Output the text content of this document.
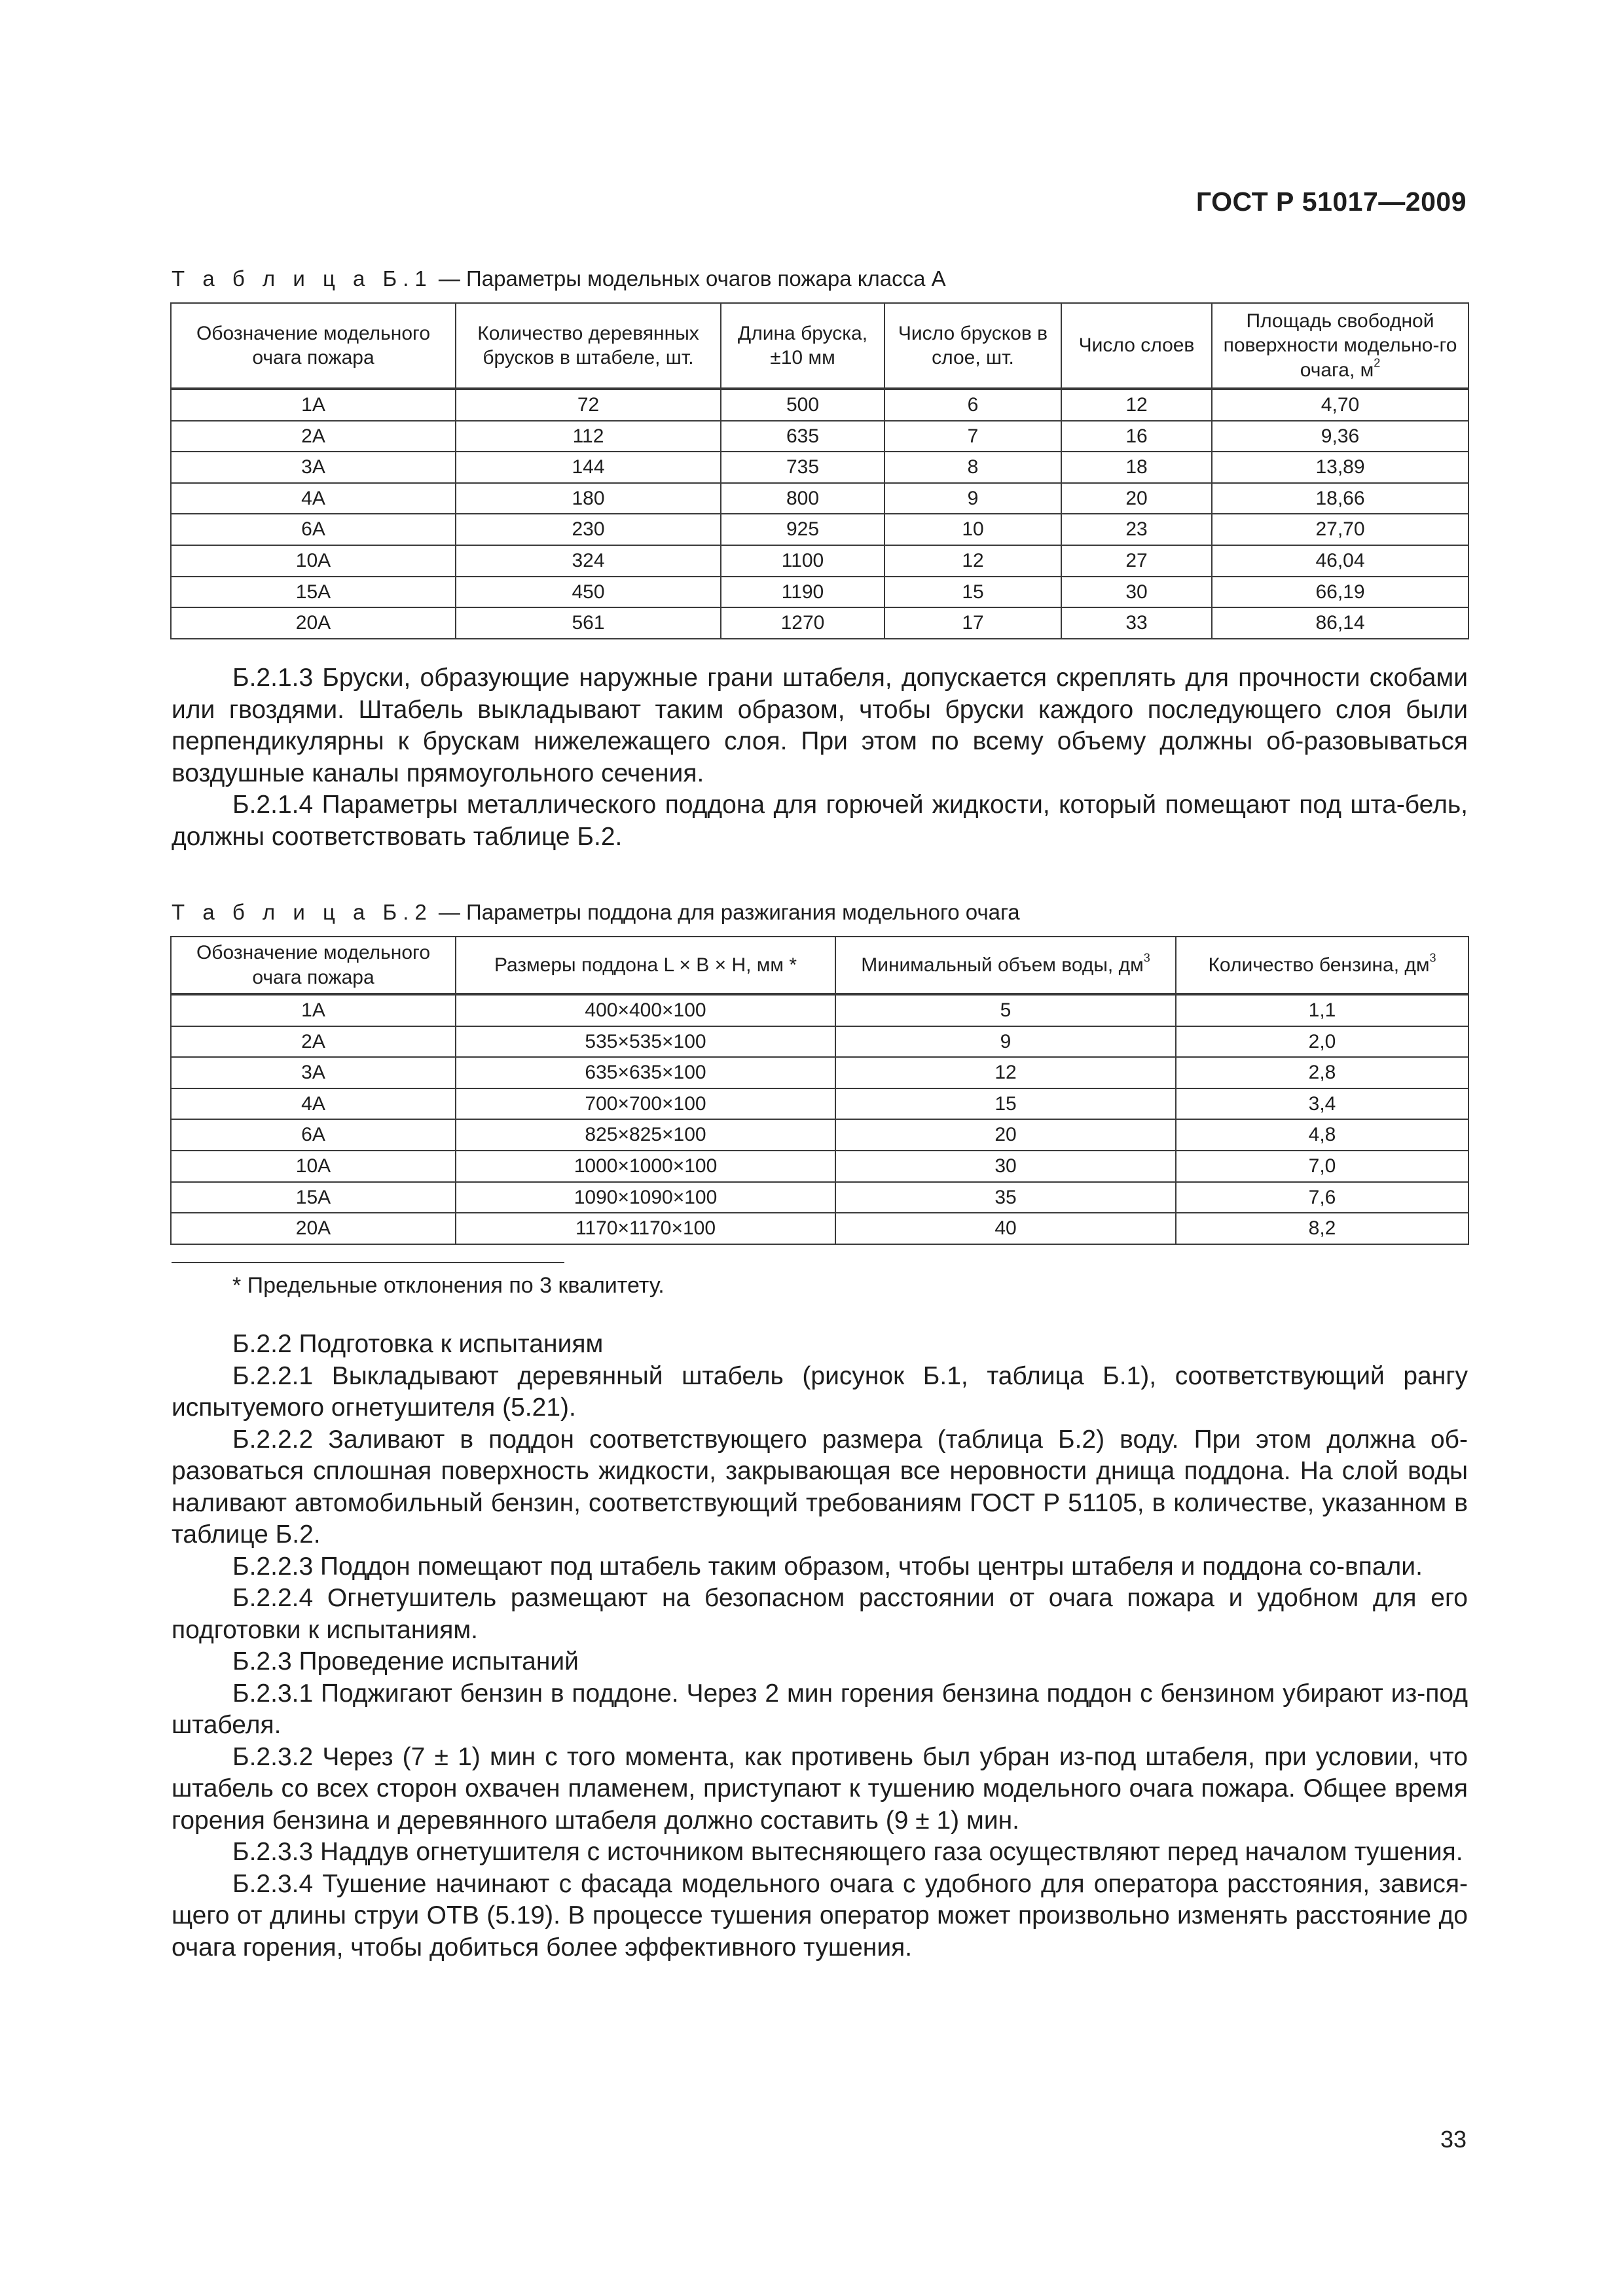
ГОСТ Р 51017—2009
Т а б л и ц а Б.1 — Параметры модельных очагов пожара класса А
Обозначение модельного очага пожара	Количество деревянных брусков в штабеле, шт.	Длина бруска, ±10 мм	Число брусков в слое, шт.	Число слоев	Площадь свободной поверхности модельно-го очага, $м^2$
1А	72	500	6	12	4,70
2А	112	635	7	16	9,36
3А	144	735	8	18	13,89
4А	180	800	9	20	18,66
6А	230	925	10	23	27,70
10А	324	1100	12	27	46,04
15А	450	1190	15	30	66,19
20А	561	1270	17	33	86,14

Б.2.1.3 Бруски, образующие наружные грани штабеля, допускается скреплять для прочности скобами или гвоздями. Штабель выкладывают таким образом, чтобы бруски каждого последующего слоя были перпендикулярны к брускам нижележащего слоя. При этом по всему объему должны об-разовываться воздушные каналы прямоугольного сечения.

Б.2.1.4 Параметры металлического поддона для горючей жидкости, который помещают под шта-бель, должны соответствовать таблице Б.2.

Т а б л и ц а Б.2 — Параметры поддона для разжигания модельного очага
Обозначение модельного очага пожара	Размеры поддона L × B × H, мм *	Минимальный объем воды, $дм^3$	Количество бензина, $дм^3$
1А	400×400×100	5	1,1
2А	535×535×100	9	2,0
3А	635×635×100	12	2,8
4А	700×700×100	15	3,4
6А	825×825×100	20	4,8
10А	1000×1000×100	30	7,0
15А	1090×1090×100	35	7,6
20А	1170×1170×100	40	8,2
* Предельные отклонения по 3 квалитету.

Б.2.2 Подготовка к испытаниям

Б.2.2.1 Выкладывают деревянный штабель (рисунок Б.1, таблица Б.1), соответствующий рангу испытуемого огнетушителя (5.21).

Б.2.2.2 Заливают в поддон соответствующего размера (таблица Б.2) воду. При этом должна об-разоваться сплошная поверхность жидкости, закрывающая все неровности днища поддона. На слой воды наливают автомобильный бензин, соответствующий требованиям ГОСТ Р 51105, в количестве, указанном в таблице Б.2.

Б.2.2.3 Поддон помещают под штабель таким образом, чтобы центры штабеля и поддона со-впали.

Б.2.2.4 Огнетушитель размещают на безопасном расстоянии от очага пожара и удобном для его подготовки к испытаниям.

Б.2.3 Проведение испытаний

Б.2.3.1 Поджигают бензин в поддоне. Через 2 мин горения бензина поддон с бензином убирают из-под штабеля.

Б.2.3.2 Через (7 ± 1) мин с того момента, как противень был убран из-под штабеля, при условии, что штабель со всех сторон охвачен пламенем, приступают к тушению модельного очага пожара. Общее время горения бензина и деревянного штабеля должно составить (9 ± 1) мин.

Б.2.3.3 Наддув огнетушителя с источником вытесняющего газа осуществляют перед началом тушения.

Б.2.3.4 Тушение начинают с фасада модельного очага с удобного для оператора расстояния, завися-щего от длины струи ОТВ (5.19). В процессе тушения оператор может произвольно изменять расстояние до очага горения, чтобы добиться более эффективного тушения.

33
